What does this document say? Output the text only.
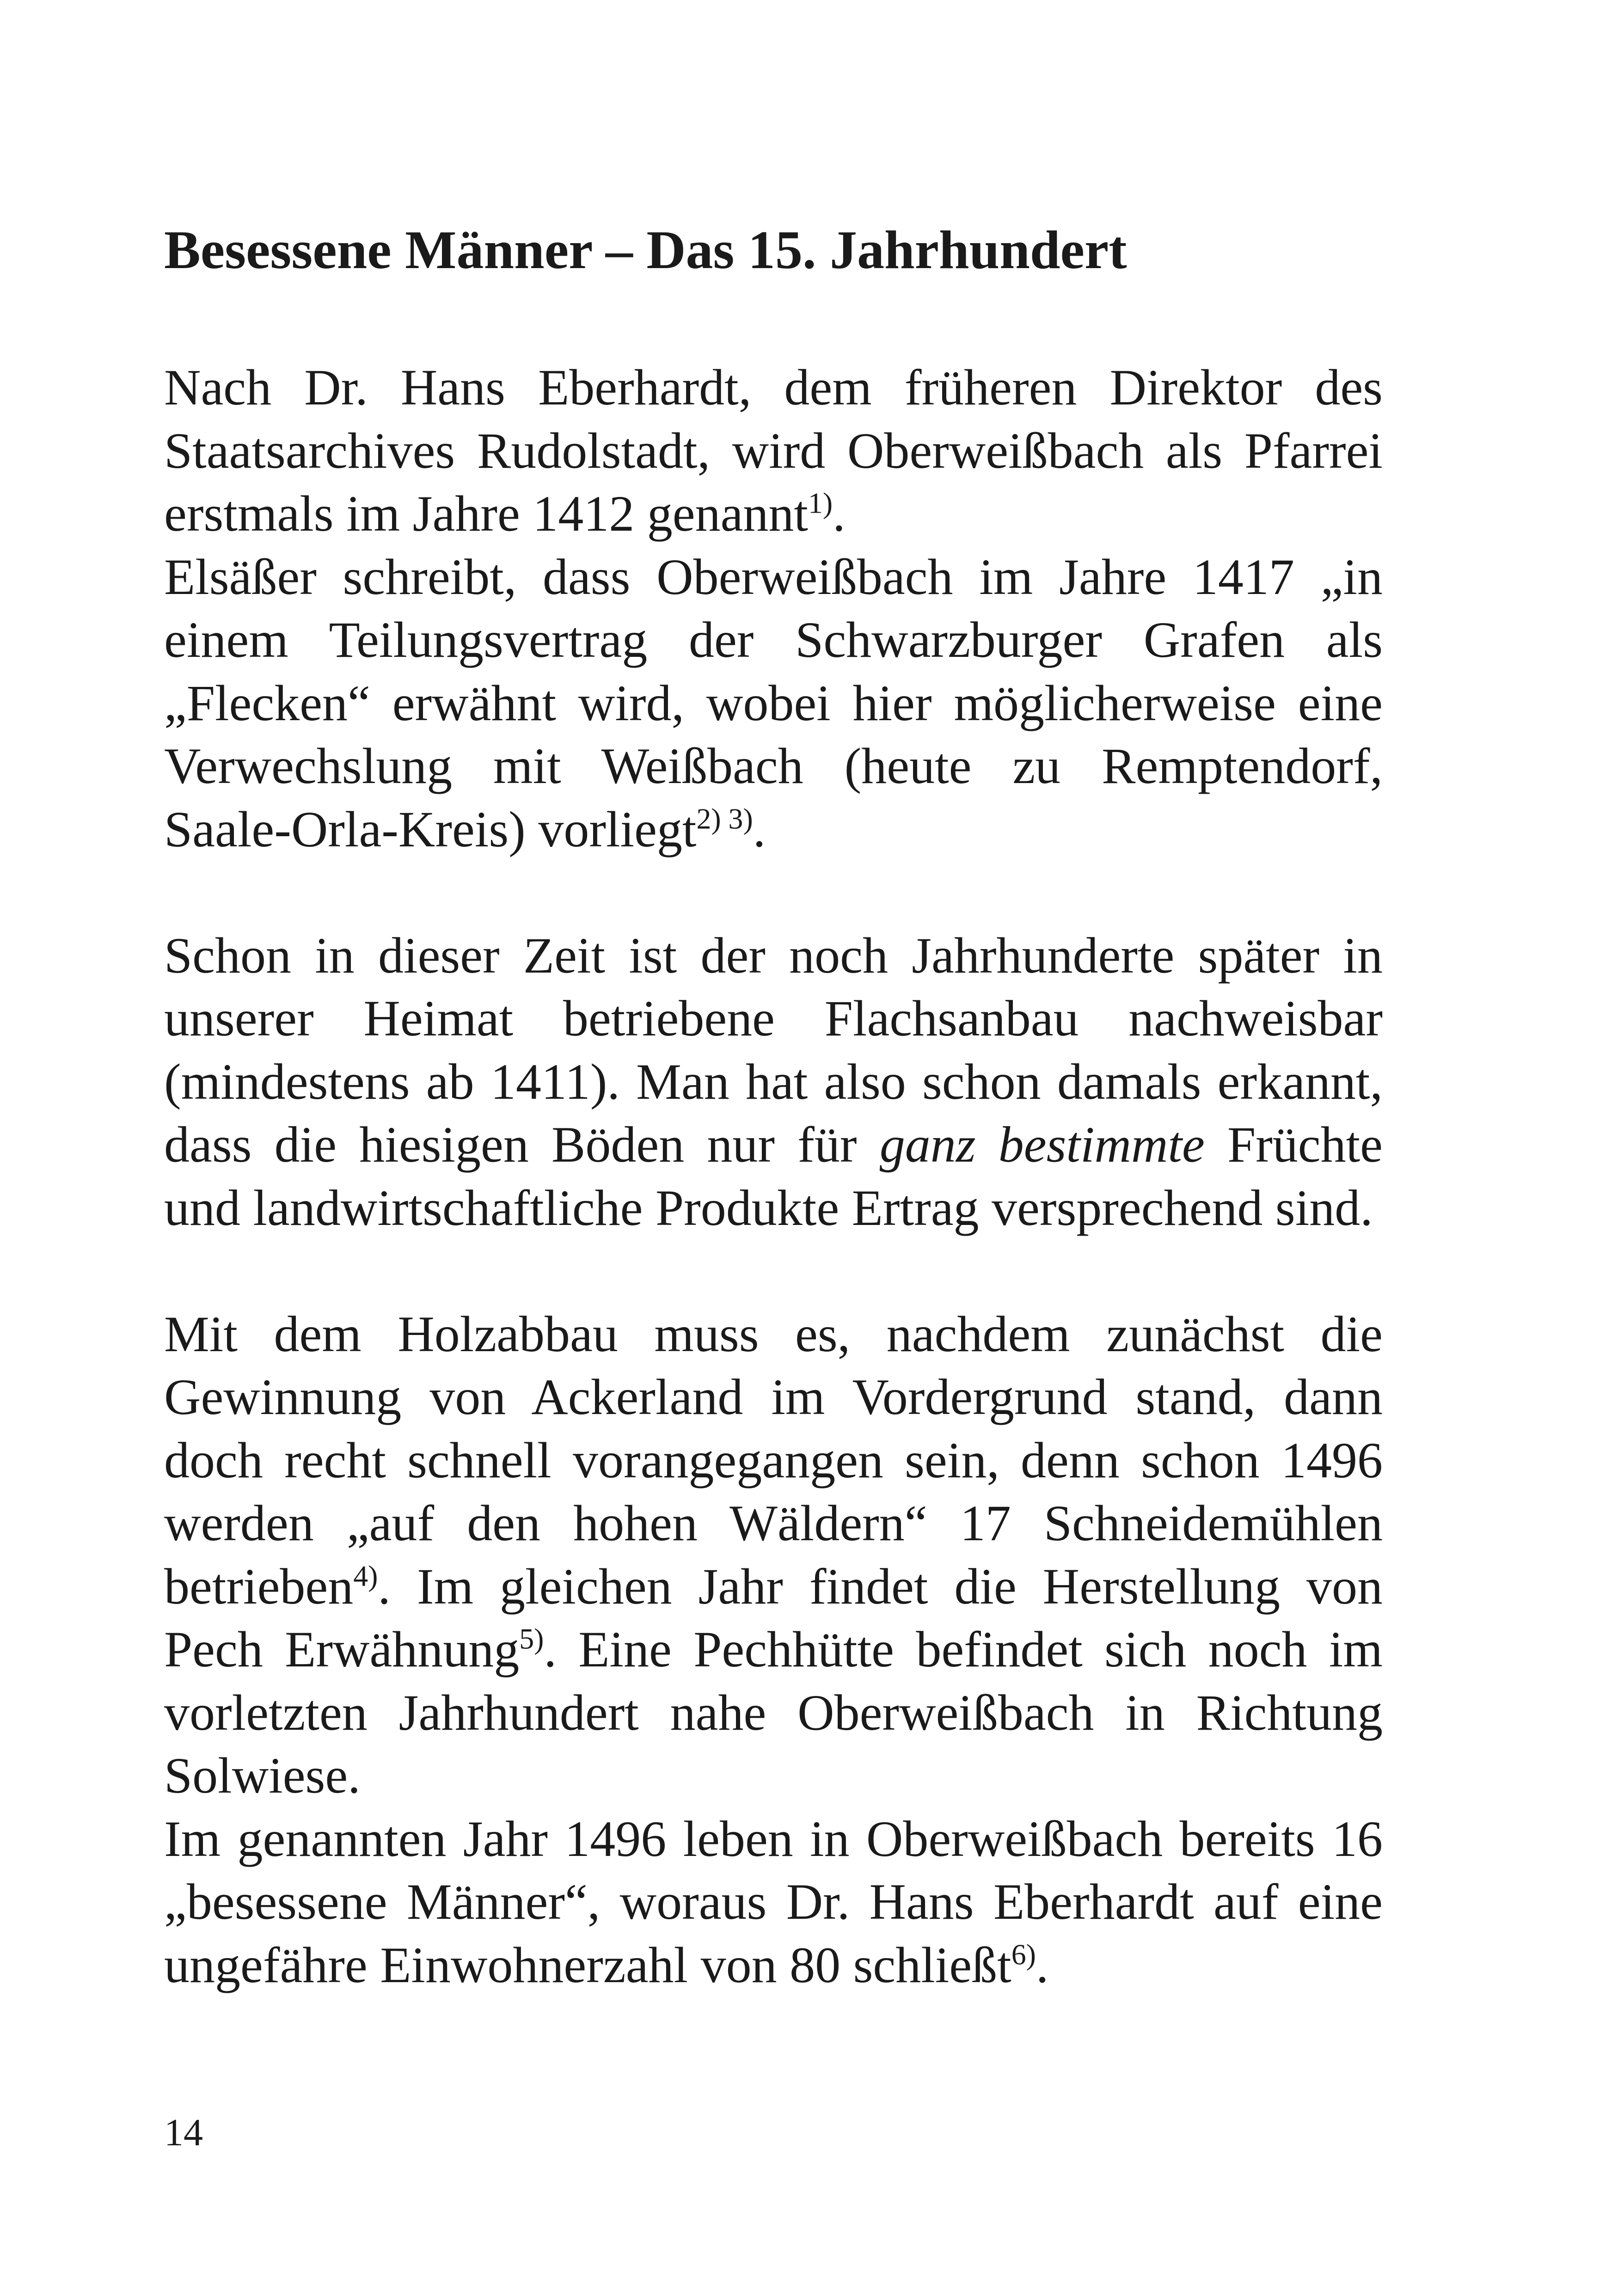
Besessene Männer – Das 15. Jahrhundert

Nach Dr. Hans Eberhardt, dem früheren Direktor des Staatsarchives Rudolstadt, wird Oberweißbach als Pfarrei erstmals im Jahre 1412 genannt$^{1)}$.

Elsäßer schreibt, dass Oberweißbach im Jahre 1417 „in einem Teilungsvertrag der Schwarzburger Grafen als „Flecken“ erwähnt wird, wobei hier möglicherweise eine Verwechslung mit Weißbach (heute zu Remptendorf, Saale-Orla-Kreis) vorliegt$^{2) 3)}$.

Schon in dieser Zeit ist der noch Jahrhunderte später in unserer Heimat betriebene Flachsanbau nachweisbar (mindestens ab 1411). Man hat also schon damals erkannt, dass die hiesigen Böden nur für ganz bestimmte Früchte und landwirtschaftliche Produkte Ertrag versprechend sind.

Mit dem Holzabbau muss es, nachdem zunächst die Gewinnung von Ackerland im Vordergrund stand, dann doch recht schnell vorangegangen sein, denn schon 1496 werden „auf den hohen Wäldern“ 17 Schneidemühlen betrieben$^{4)}$. Im gleichen Jahr findet die Herstellung von Pech Erwähnung$^{5)}$. Eine Pechhütte befindet sich noch im vorletzten Jahrhundert nahe Oberweißbach in Richtung Solwiese.

Im genannten Jahr 1496 leben in Oberweißbach bereits 16 „besessene Männer“, woraus Dr. Hans Eberhardt auf eine ungefähre Einwohnerzahl von 80 schließt$^{6)}$.

14
